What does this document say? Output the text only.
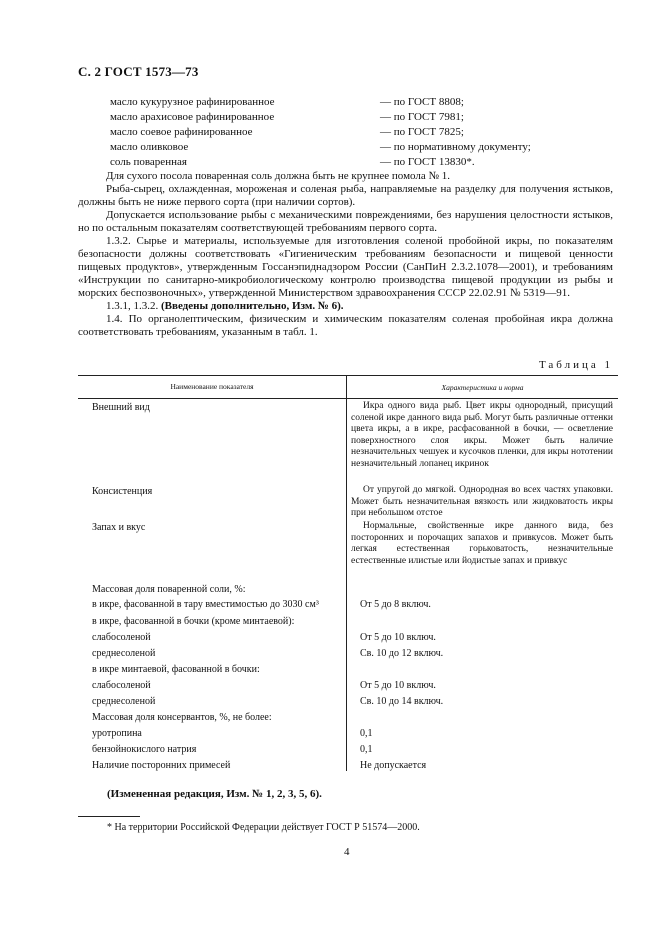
С. 2 ГОСТ 1573—73
масло кукурузное рафинированное	— по ГОСТ 8808;
масло арахисовое рафинированное	— по ГОСТ 7981;
масло соевое рафинированное	— по ГОСТ 7825;
масло оливковое	— по нормативному документу;
соль поваренная	— по ГОСТ 13830*.

Для сухого посола поваренная соль должна быть не крупнее помола № 1.

Рыба-сырец, охлажденная, мороженая и соленая рыба, направляемые на разделку для получения ястыков, должны быть не ниже первого сорта (при наличии сортов).

Допускается использование рыбы с механическими повреждениями, без нарушения целостности ястыков, но по остальным показателям соответствующей требованиям первого сорта.

1.3.2. Сырье и материалы, используемые для изготовления соленой пробойной икры, по показателям безопасности должны соответствовать «Гигиеническим требованиям безопасности и пищевой ценности пищевых продуктов», утвержденным Госсанэпиднадзором России (СанПиН 2.3.2.1078—2001), и требованиям «Инструкции по санитарно-микробиологическому контролю производства пищевой продукции из рыбы и морских беспозвоночных», утвержденной Министерством здравоохранения СССР 22.02.91 № 5319—91.

1.3.1, 1.3.2. (Введены дополнительно, Изм. № 6).

1.4. По органолептическим, физическим и химическим показателям соленая пробойная икра должна соответствовать требованиям, указанным в табл. 1.

Таблица 1
Наименование показателя	Характеристика и норма
Внешний вид	Икра одного вида рыб. Цвет икры однородный, присущий соленой икре данного вида рыб. Могут быть различные оттенки цвета икры, а в икре, расфасованной в бочки, — осветление поверхностного слоя икры. Может быть наличие незначительных чешуек и кусочков пленки, для икры нототении незначительный лопанец икринок

Консистенция	От упругой до мягкой. Однородная во всех частях упаковки. Может быть незначительная вязкость или жидковатость икры при небольшом отстое

Запах и вкус	Нормальные, свойственные икре данного вида, без посторонних и порочащих запахов и привкусов. Может быть легкая естественная горьковатость, незначительные естественные илистые или йодистые запах и привкус

Массовая доля поваренной соли, %:
в икре, фасованной в тару вместимостью до 3030 см³	От 5 до 8 включ.
в икре, фасованной в бочки (кроме минтаевой):
слабосоленой	От 5 до 10 включ.
среднесоленой	Св. 10 до 12 включ.
в икре минтаевой, фасованной в бочки:
слабосоленой	От 5 до 10 включ.
среднесоленой	Св. 10 до 14 включ.
Массовая доля консервантов, %, не более:
уротропина	0,1
бензойнокислого натрия	0,1
Наличие посторонних примесей	Не допускается
(Измененная редакция, Изм. № 1, 2, 3, 5, 6).
* На территории Российской Федерации действует ГОСТ Р 51574—2000.
4
